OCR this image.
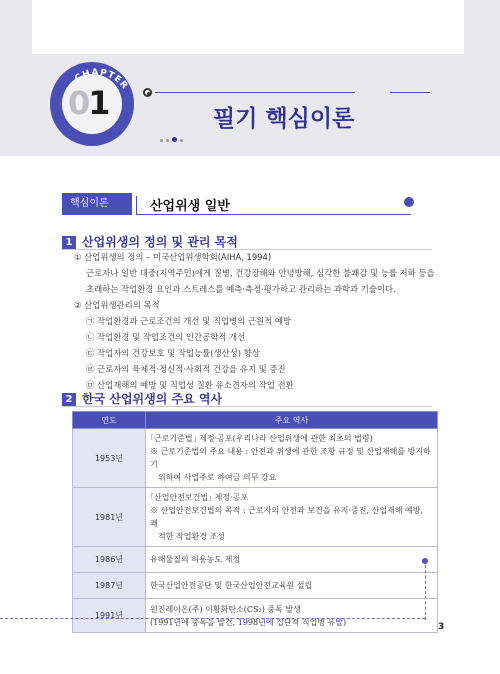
CHAPTER
01	필기 핵심이론
핵심이론01
산업위생 일반
1 산업위생의 정의 및 관리 목적
① 산업위생의 정의 – 미국산업위생학회(AIHA, 1994)
근로자나 일반 대중(지역주민)에게 질병, 건강장해와 안녕방해, 심각한 불쾌감 및 능률 저하 등을
초래하는 작업환경 요인과 스트레스를 예측·측정·평가하고 관리하는 과학과 기술이다.
② 산업위생관리의 목적
㉠ 작업환경과 근로조건의 개선 및 직업병의 근원적 예방
㉡ 작업환경 및 작업조건의 인간공학적 개선
㉢ 작업자의 건강보호 및 작업능률(생산성) 향상
㉣ 근로자의 육체적·정신적·사회적 건강을 유지 및 증진
㉤ 산업재해의 예방 및 직업성 질환 유소견자의 작업 전환
2 한국 산업위생의 주요 역사
연도	주요 역사
1953년	｢근로기준법｣ 제정·공포(우리나라 산업위생에 관한 최초의 법령)
※ 근로기준법의 주요 내용 : 안전과 위생에 관한 조항 규정 및 산업재해를 방지하기
위하여 사업주로 하여금 의무 강요

1981년	｢산업안전보건법｣ 제정·공포
※ 산업안전보건법의 목적 : 근로자의 안전과 보건을 유지·증진, 산업재해 예방, 쾌
적한 작업환경 조성

1986년	유해물질의 허용농도 제정

1987년	한국산업안전공단 및 한국산업안전교육원 설립

1991년	원진레이온(주) 이황화탄소(CS₂) 중독 발생
(1991년에 중독을 발견, 1998년에 집단적 직업병 유발)	3
